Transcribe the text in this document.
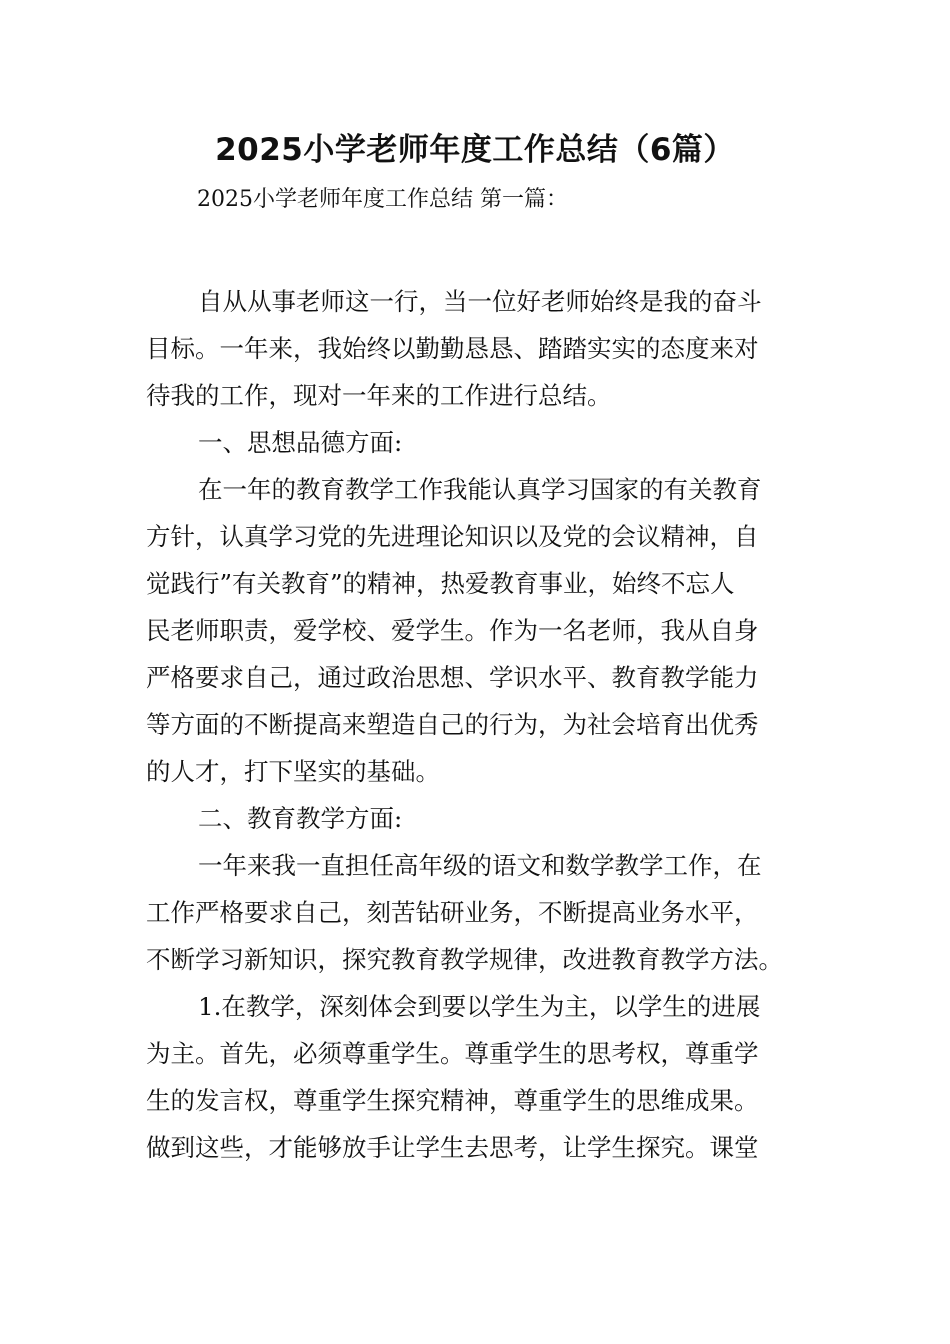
2025小学老师年度工作总结（6篇）
2025小学老师年度工作总结 第一篇：
自从从事老师这一行，当一位好老师始终是我的奋斗
目标。一年来，我始终以勤勤恳恳、踏踏实实的态度来对
待我的工作，现对一年来的工作进行总结。
一、思想品德方面:
在一年的教育教学工作我能认真学习国家的有关教育
方针，认真学习党的先进理论知识以及党的会议精神，自
觉践行”有关教育”的精神，热爱教育事业，始终不忘人
民老师职责，爱学校、爱学生。作为一名老师，我从自身
严格要求自己，通过政治思想、学识水平、教育教学能力
等方面的不断提高来塑造自己的行为，为社会培育出优秀
的人才，打下坚实的基础。
二、教育教学方面:
一年来我一直担任高年级的语文和数学教学工作，在
工作严格要求自己，刻苦钻研业务，不断提高业务水平，
不断学习新知识，探究教育教学规律，改进教育教学方法。
1.在教学，深刻体会到要以学生为主，以学生的进展
为主。首先，必须尊重学生。尊重学生的思考权，尊重学
生的发言权，尊重学生探究精神，尊重学生的思维成果。
做到这些，才能够放手让学生去思考，让学生探究。课堂
